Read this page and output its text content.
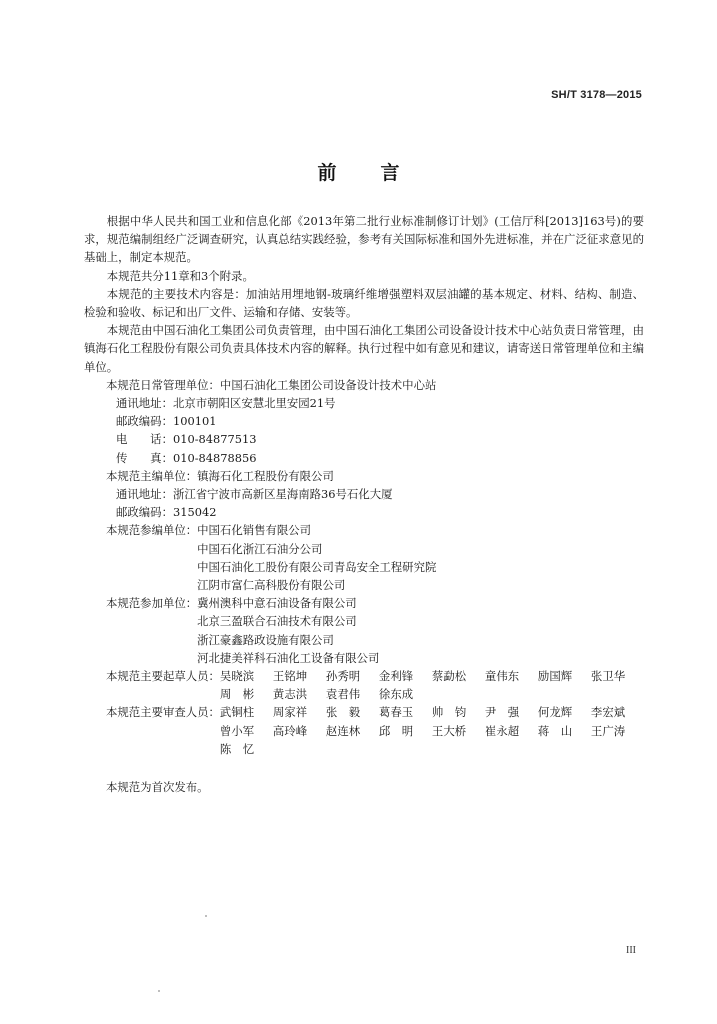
SH/T 3178—2015
前 言

根据中华人民共和国工业和信息化部《2013年第二批行业标准制修订计划》(工信厅科[2013]163号)的要求，规范编制组经广泛调查研究，认真总结实践经验，参考有关国际标准和国外先进标准，并在广泛征求意见的基础上，制定本规范。

本规范共分11章和3个附录。

本规范的主要技术内容是：加油站用埋地钢-玻璃纤维增强塑料双层油罐的基本规定、材料、结构、制造、检验和验收、标记和出厂文件、运输和存储、安装等。

本规范由中国石油化工集团公司负责管理，由中国石油化工集团公司设备设计技术中心站负责日常管理，由镇海石化工程股份有限公司负责具体技术内容的解释。执行过程中如有意见和建议，请寄送日常管理单位和主编单位。

本规范日常管理单位： 中国石油化工集团公司设备设计技术中心站
通讯地址： 北京市朝阳区安慧北里安园21号
邮政编码： 100101
电　　话： 010-84877513
传　　真： 010-84878856
本规范主编单位： 镇海石化工程股份有限公司
通讯地址： 浙江省宁波市高新区星海南路36号石化大厦
邮政编码： 315042
本规范参编单位： 中国石化销售有限公司
中国石化浙江石油分公司
中国石油化工股份有限公司青岛安全工程研究院
江阴市富仁高科股份有限公司
本规范参加单位： 冀州澳科中意石油设备有限公司
北京三盈联合石油技术有限公司
浙江豪鑫路政设施有限公司
河北捷美祥科石油化工设备有限公司
本规范主要起草人员： 吴晓滨	王铭坤	孙秀明	金利锋	蔡勐松	童伟东	励国辉	张卫华
周　彬	黄志洪	袁君伟	徐东成
本规范主要审查人员： 武铜柱	周家祥	张　毅	葛春玉	帅　钧	尹　强	何龙辉	李宏斌
曾小军	高玲峰	赵连林	邱　明	王大桥	崔永超	蒋　山	王广涛
陈　忆

本规范为首次发布。

III
